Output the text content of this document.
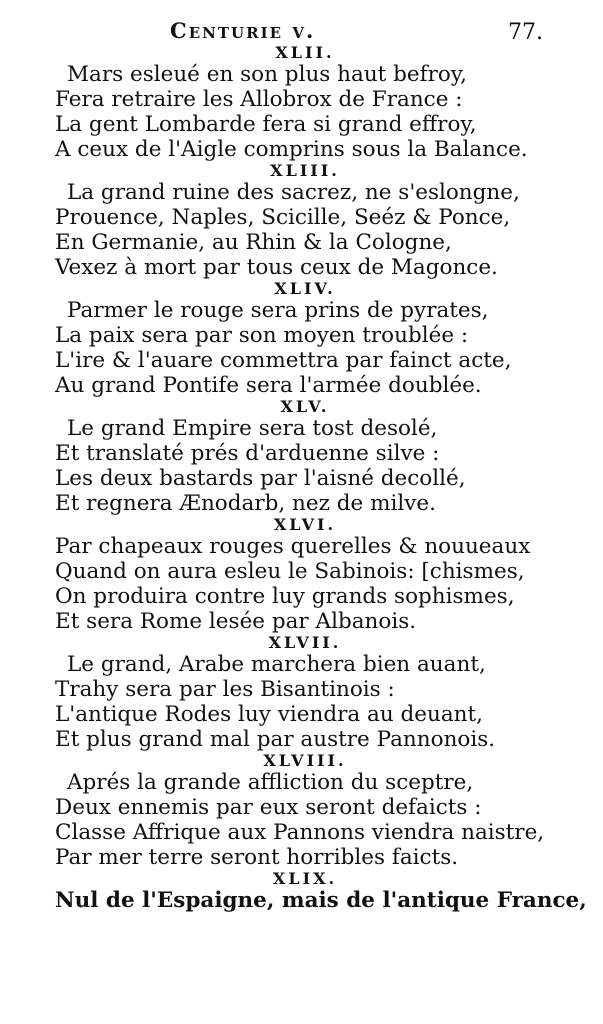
Centurie v.	77.
XLII.
Mars esleué en son plus haut befroy,
Fera retraire les Allobrox de France :
La gent Lombarde fera si grand effroy,
A ceux de l'Aigle comprins sous la Balance.
XLIII.
La grand ruine des sacrez, ne s'eslongne,
Prouence, Naples, Scicille, Seéz & Ponce,
En Germanie, au Rhin & la Cologne,
Vexez à mort par tous ceux de Magonce.
XLIV.
Parmer le rouge sera prins de pyrates,
La paix sera par son moyen troublée :
L'ire & l'auare commettra par fainct acte,
Au grand Pontife sera l'armée doublée.
XLV.
Le grand Empire sera tost desolé,
Et translaté prés d'arduenne silve :
Les deux bastards par l'aisné decollé,
Et regnera Ænodarb, nez de milve.
XLVI.
Par chapeaux rouges querelles & nouueaux
Quand on aura esleu le Sabinois: [chismes,
On produira contre luy grands sophismes,
Et sera Rome lesée par Albanois.
XLVII.
Le grand, Arabe marchera bien auant,
Trahy sera par les Bisantinois :
L'antique Rodes luy viendra au deuant,
Et plus grand mal par austre Pannonois.
XLVIII.
Aprés la grande affliction du sceptre,
Deux ennemis par eux seront defaicts :
Classe Affrique aux Pannons viendra naistre,
Par mer terre seront horribles faicts.
XLIX.
Nul de l'Espaigne, mais de l'antique France,
